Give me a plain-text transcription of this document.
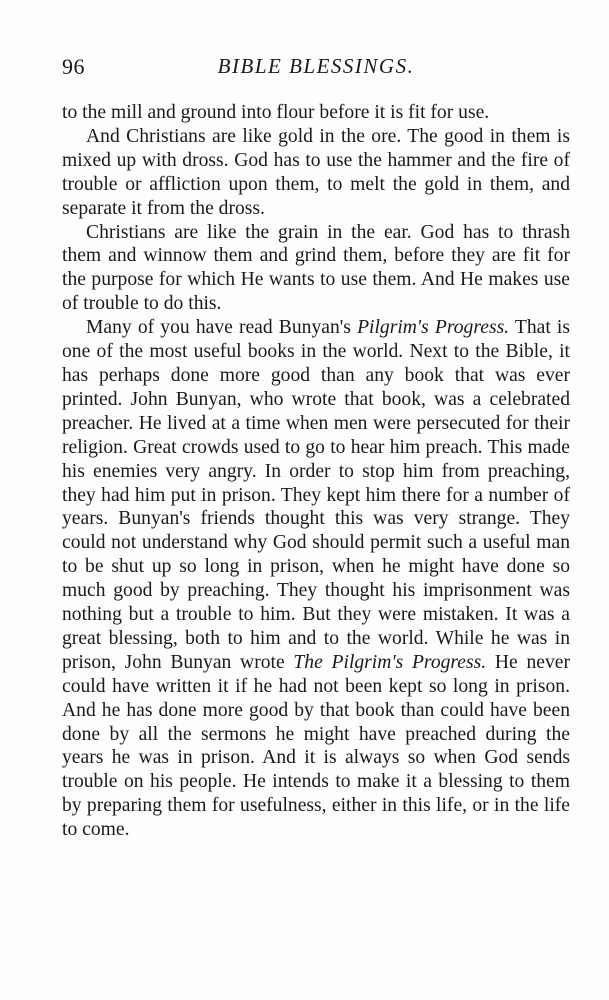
96	BIBLE BLESSINGS.

to the mill and ground into flour before it is fit for use.

And Christians are like gold in the ore. The good in them is mixed up with dross. God has to use the hammer and the fire of trouble or affliction upon them, to melt the gold in them, and separate it from the dross.

Christians are like the grain in the ear. God has to thrash them and winnow them and grind them, before they are fit for the purpose for which He wants to use them. And He makes use of trouble to do this.

Many of you have read Bunyan's Pilgrim's Progress. That is one of the most useful books in the world. Next to the Bible, it has perhaps done more good than any book that was ever printed. John Bunyan, who wrote that book, was a celebrated preacher. He lived at a time when men were persecuted for their religion. Great crowds used to go to hear him preach. This made his enemies very angry. In order to stop him from preaching, they had him put in prison. They kept him there for a number of years. Bunyan's friends thought this was very strange. They could not understand why God should permit such a useful man to be shut up so long in prison, when he might have done so much good by preaching. They thought his imprisonment was nothing but a trouble to him. But they were mistaken. It was a great blessing, both to him and to the world. While he was in prison, John Bunyan wrote The Pilgrim's Progress. He never could have written it if he had not been kept so long in prison. And he has done more good by that book than could have been done by all the sermons he might have preached during the years he was in prison. And it is always so when God sends trouble on his people. He intends to make it a blessing to them by preparing them for usefulness, either in this life, or in the life to come.
